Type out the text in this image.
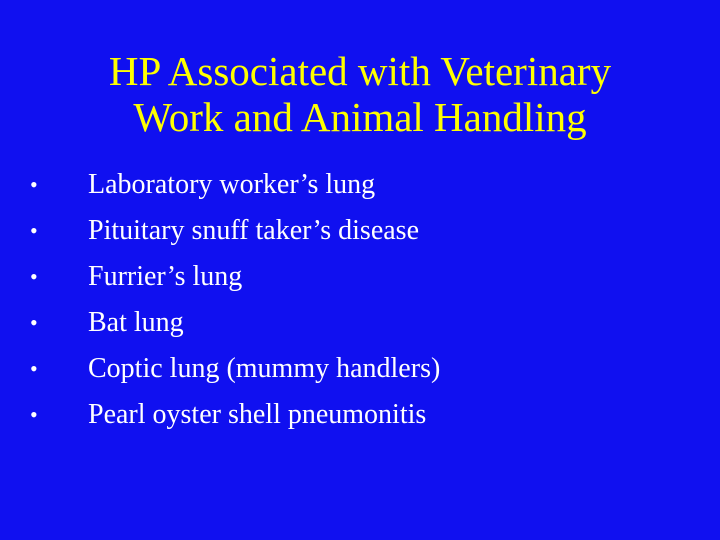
HP Associated with Veterinary
Work and Animal Handling
• Laboratory worker’s lung
• Pituitary snuff taker’s disease
• Furrier’s lung
• Bat lung
• Coptic lung (mummy handlers)
• Pearl oyster shell pneumonitis
